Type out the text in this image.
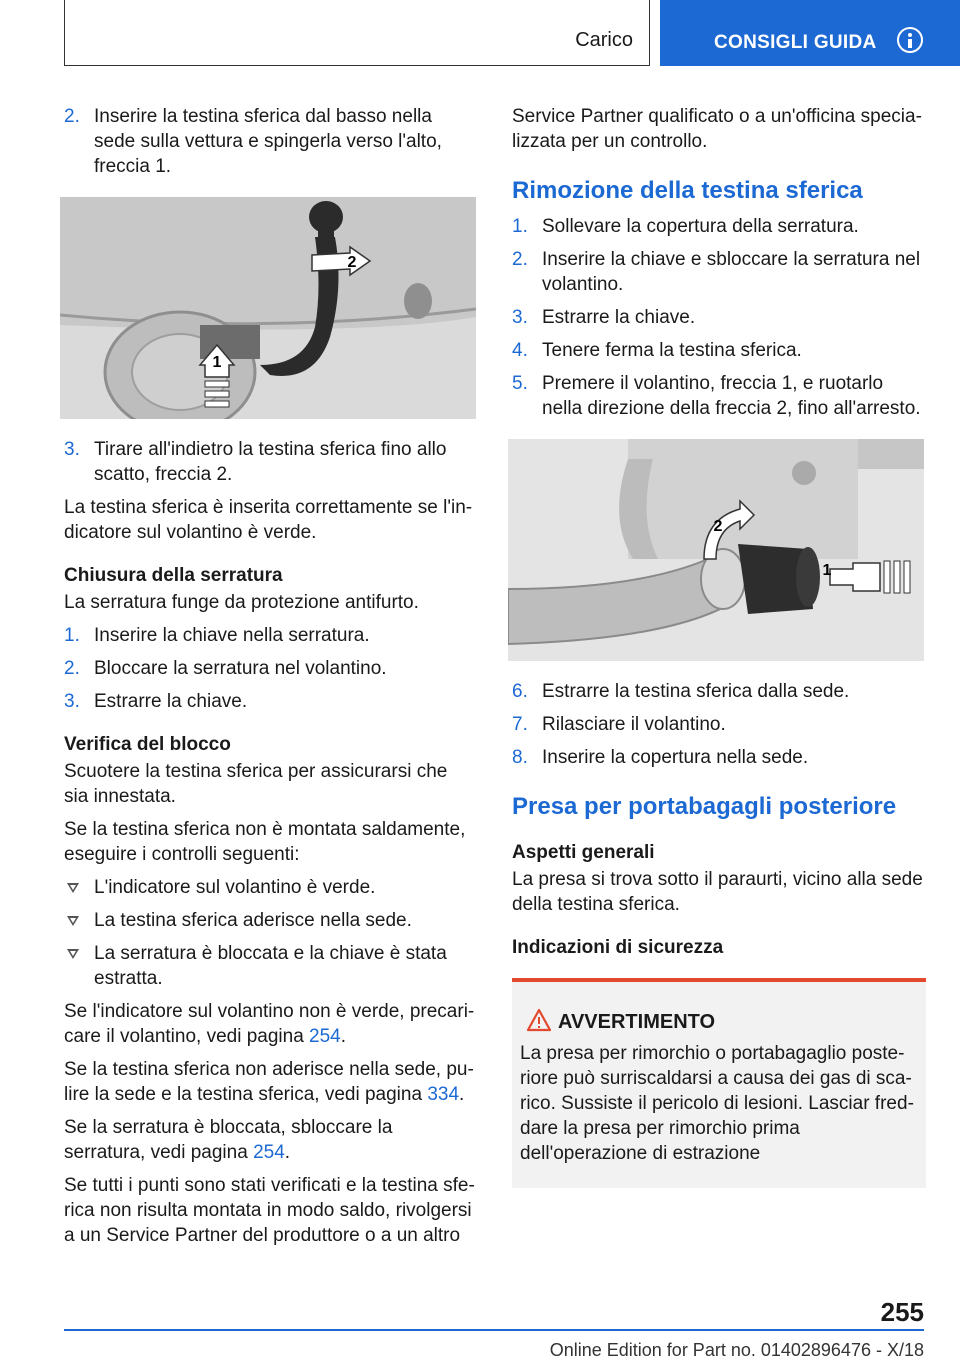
Carico	CONSIGLI GUIDA
2. Inserire la testina sferica dal basso nella sede sulla vettura e spingerla verso l'alto, freccia 1.
1
2
3. Tirare all'indietro la testina sferica fino allo scatto, freccia 2.

La testina sferica è inserita correttamente se l'indicatore sul volantino è verde.

Chiusura della serratura

La serratura funge da protezione antifurto.

1. Inserire la chiave nella serratura.
2. Bloccare la serratura nel volantino.
3. Estrarre la chiave.
Verifica del blocco

Scuotere la testina sferica per assicurarsi che sia innestata.

Se la testina sferica non è montata saldamente, eseguire i controlli seguenti:

L'indicatore sul volantino è verde.
La testina sferica aderisce nella sede.
La serratura è bloccata e la chiave è stata estratta.

Se l'indicatore sul volantino non è verde, precaricare il volantino, vedi pagina 254.

Se la testina sferica non aderisce nella sede, pulire la sede e la testina sferica, vedi pagina 334.

Se la serratura è bloccata, sbloccare la serratura, vedi pagina 254.

Se tutti i punti sono stati verificati e la testina sferica non risulta montata in modo saldo, rivolgersi a un Service Partner del produttore o a un altro

Service Partner qualificato o a un'officina specializzata per un controllo.

Rimozione della testina sferica
1. Sollevare la copertura della serratura.
2. Inserire la chiave e sbloccare la serratura nel volantino.
3. Estrarre la chiave.
4. Tenere ferma la testina sferica.
5. Premere il volantino, freccia 1, e ruotarlo nella direzione della freccia 2, fino all'arresto.
2
1
6. Estrarre la testina sferica dalla sede.
7. Rilasciare il volantino.
8. Inserire la copertura nella sede.
Presa per portabagagli posteriore
Aspetti generali

La presa si trova sotto il paraurti, vicino alla sede della testina sferica.

Indicazioni di sicurezza
AVVERTIMENTO

La presa per rimorchio o portabagaglio posteriore può surriscaldarsi a causa dei gas di scarico. Sussiste il pericolo di lesioni. Lasciar freddare la presa per rimorchio prima dell'operazione di estrazione

255
Online Edition for Part no. 01402896476 - X/18
